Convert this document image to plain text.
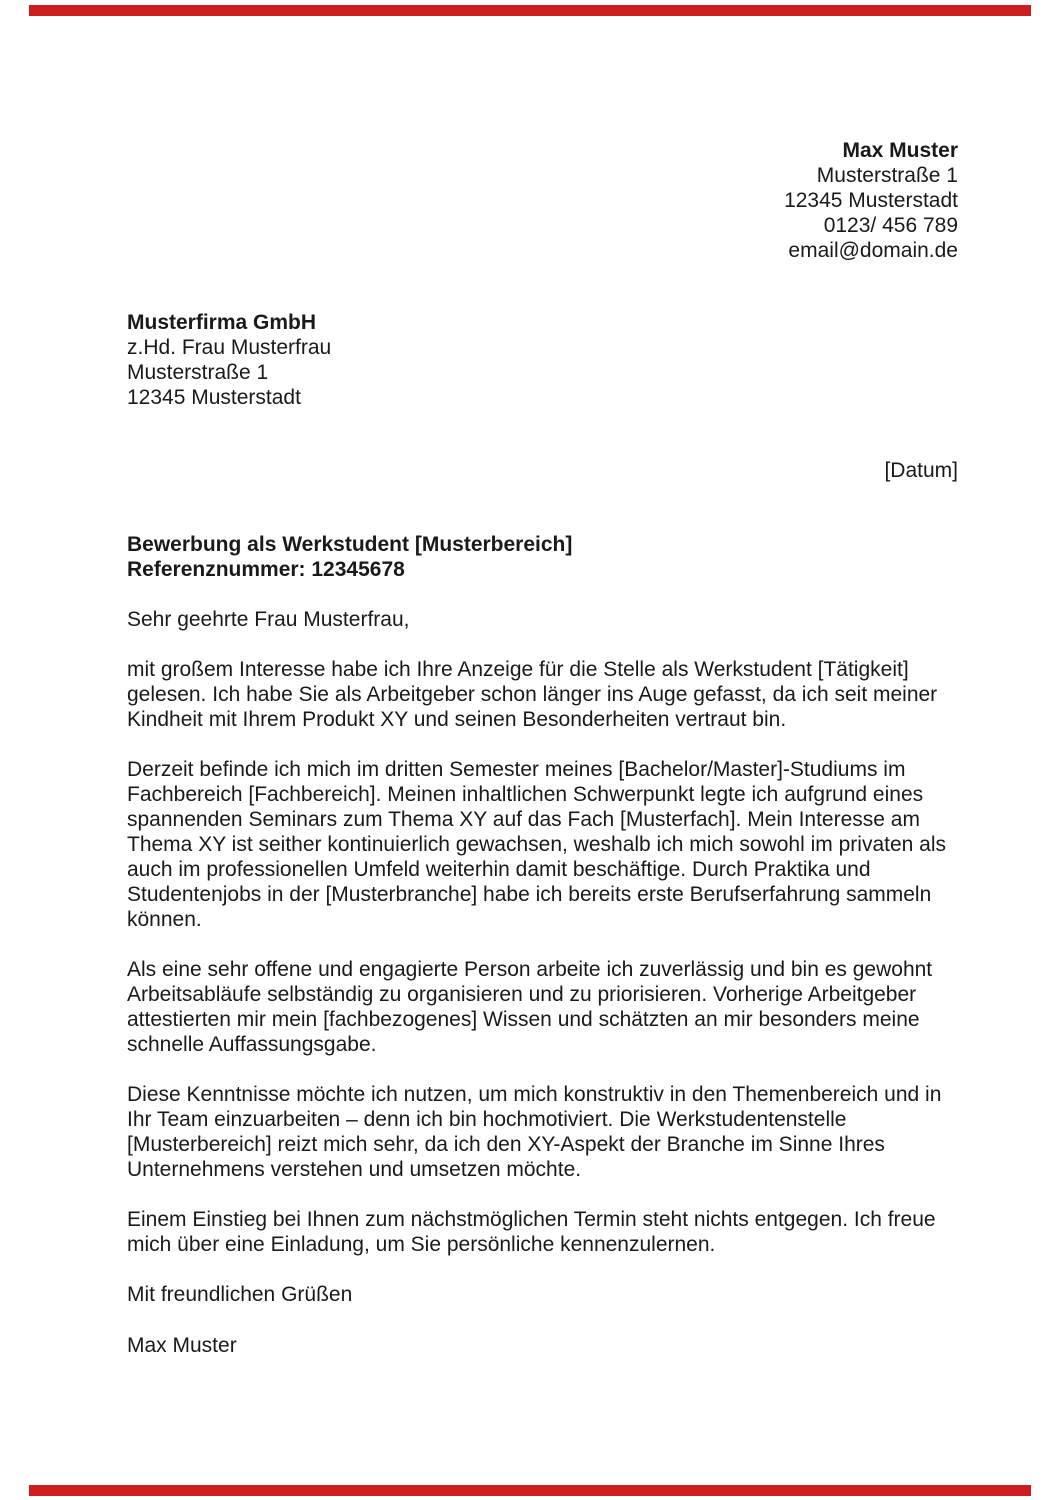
Max Muster
Musterstraße 1
12345 Musterstadt
0123/ 456 789
email@domain.de
Musterfirma GmbH
z.Hd. Frau Musterfrau
Musterstraße 1
12345 Musterstadt
[Datum]
Bewerbung als Werkstudent [Musterbereich]
Referenznummer: 12345678
Sehr geehrte Frau Musterfrau,
mit großem Interesse habe ich Ihre Anzeige für die Stelle als Werkstudent [Tätigkeit] gelesen. Ich habe Sie als Arbeitgeber schon länger ins Auge gefasst, da ich seit meiner Kindheit mit Ihrem Produkt XY und seinen Besonderheiten vertraut bin.
Derzeit befinde ich mich im dritten Semester meines [Bachelor/Master]-Studiums im Fachbereich [Fachbereich]. Meinen inhaltlichen Schwerpunkt legte ich aufgrund eines spannenden Seminars zum Thema XY auf das Fach [Musterfach]. Mein Interesse am Thema XY ist seither kontinuierlich gewachsen, weshalb ich mich sowohl im privaten als auch im professionellen Umfeld weiterhin damit beschäftige. Durch Praktika und Studentenjobs in der [Musterbranche] habe ich bereits erste Berufserfahrung sammeln können.
Als eine sehr offene und engagierte Person arbeite ich zuverlässig und bin es gewohnt Arbeitsabläufe selbständig zu organisieren und zu priorisieren. Vorherige Arbeitgeber attestierten mir mein [fachbezogenes] Wissen und schätzten an mir besonders meine schnelle Auffassungsgabe.
Diese Kenntnisse möchte ich nutzen, um mich konstruktiv in den Themenbereich und in Ihr Team einzuarbeiten – denn ich bin hochmotiviert. Die Werkstudentenstelle [Musterbereich] reizt mich sehr, da ich den XY-Aspekt der Branche im Sinne Ihres Unternehmens verstehen und umsetzen möchte.
Einem Einstieg bei Ihnen zum nächstmöglichen Termin steht nichts entgegen. Ich freue mich über eine Einladung, um Sie persönliche kennenzulernen.
Mit freundlichen Grüßen
Max Muster
